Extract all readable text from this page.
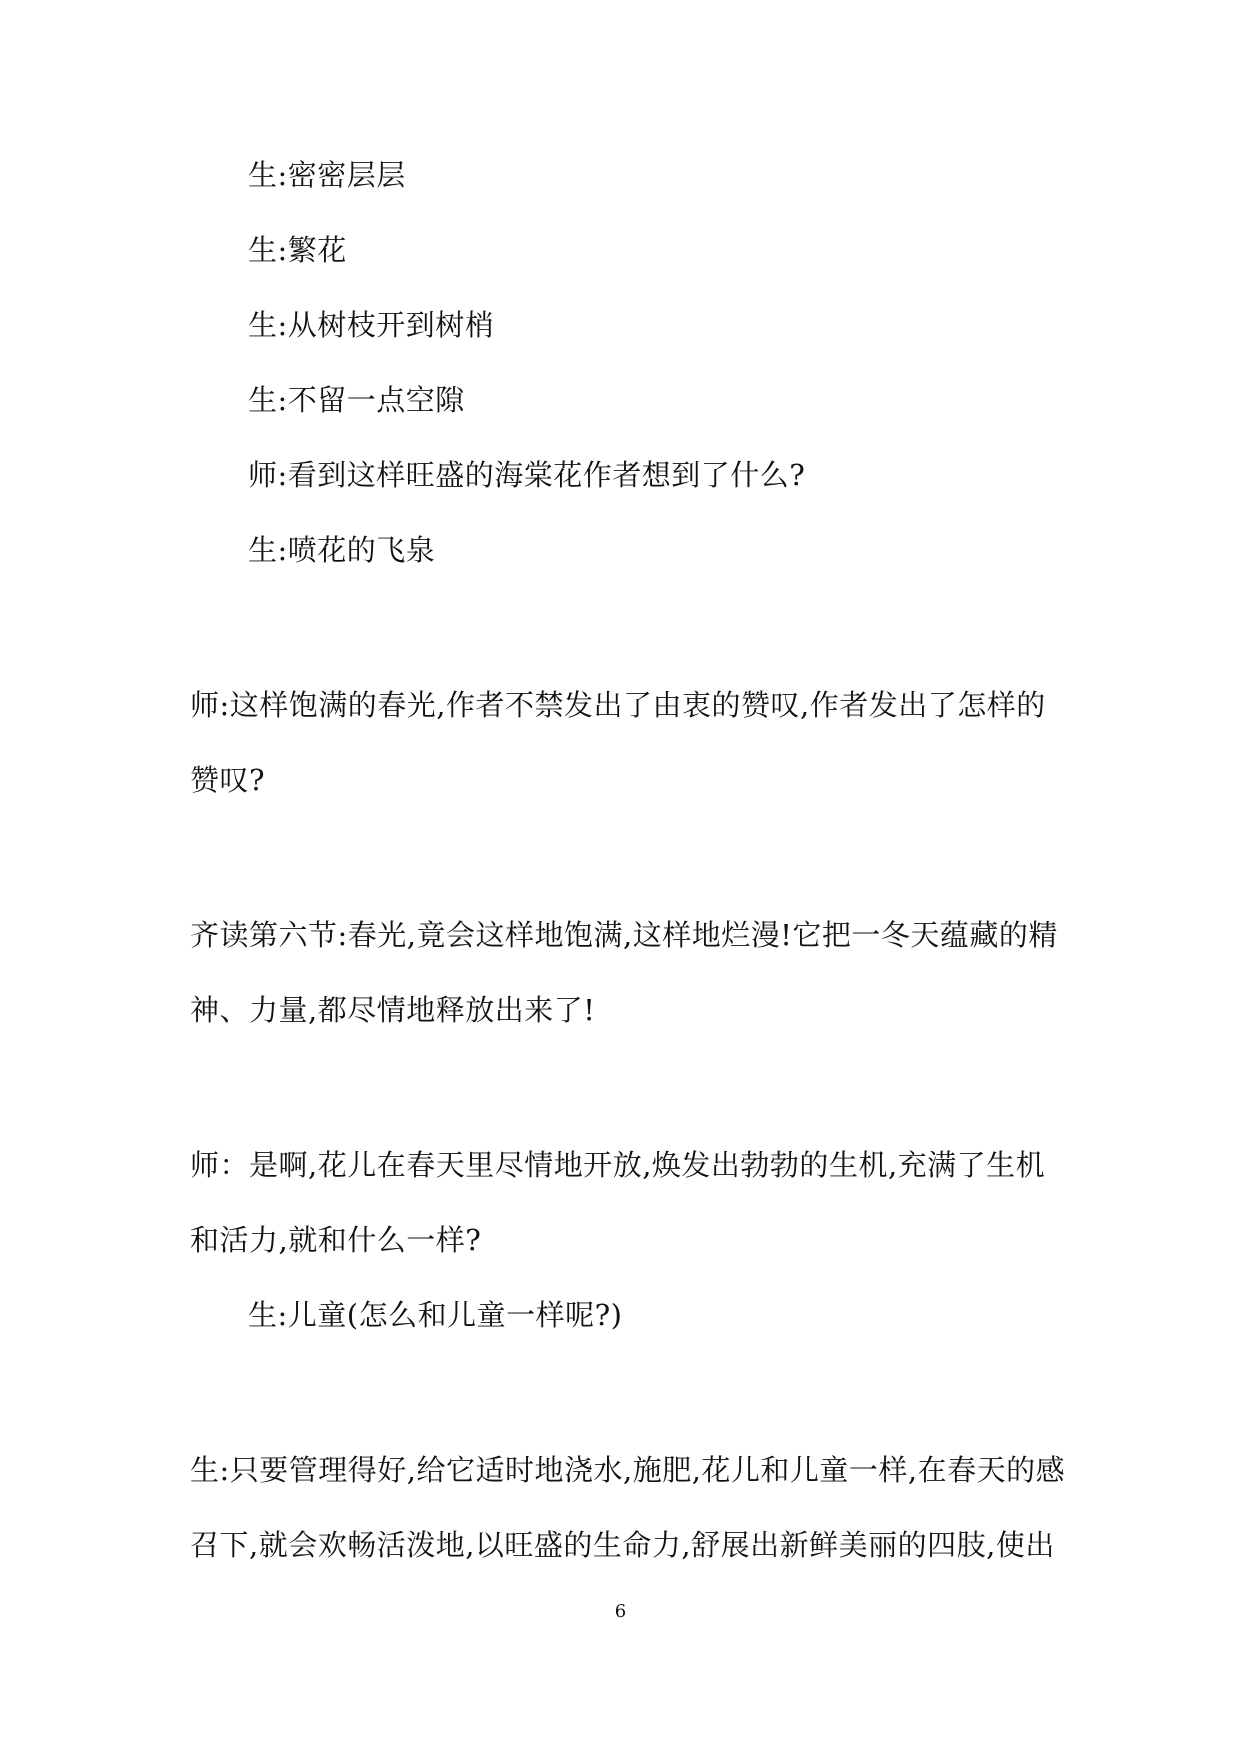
生:密密层层
生:繁花
生:从树枝开到树梢
生:不留一点空隙
师:看到这样旺盛的海棠花作者想到了什么?
生:喷花的飞泉
师:这样饱满的春光,作者不禁发出了由衷的赞叹,作者发出了怎样的
赞叹?
齐读第六节:春光,竟会这样地饱满,这样地烂漫!它把一冬天蕴藏的精
神、力量,都尽情地释放出来了!
师：是啊,花儿在春天里尽情地开放,焕发出勃勃的生机,充满了生机
和活力,就和什么一样?
生:儿童(怎么和儿童一样呢?)
生:只要管理得好,给它适时地浇水,施肥,花儿和儿童一样,在春天的感
召下,就会欢畅活泼地,以旺盛的生命力,舒展出新鲜美丽的四肢,使出
6
